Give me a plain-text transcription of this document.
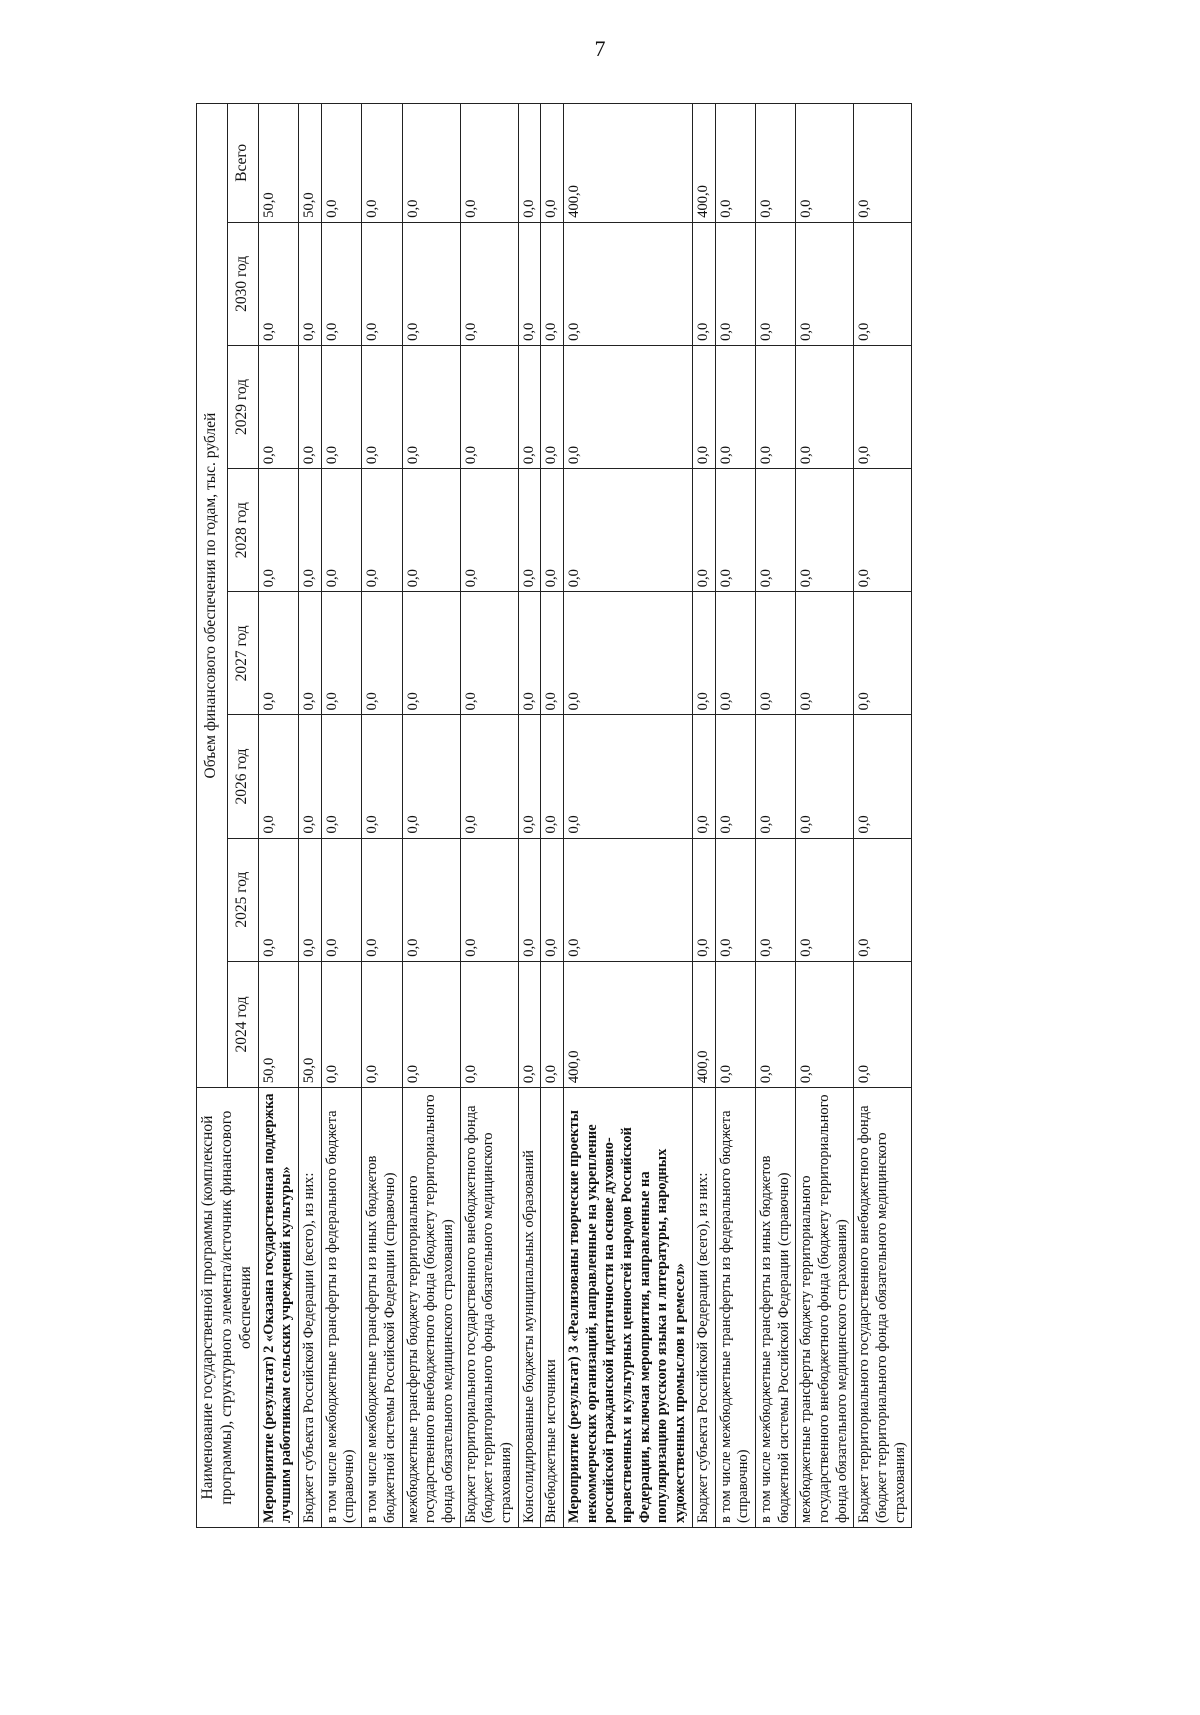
7
Наименование государственной программы (комплексной программы), структурного элемента/источник финансового обеспечения	Объем финансового обеспечения по годам, тыс. рублей							
	2024 год	2025 год	2026 год	2027 год	2028 год	2029 год	2030 год	Всего
Мероприятие (результат) 2 «Оказана государственная поддержка лучшим работникам сельских учреждений культуры»	50,0	0,0	0,0	0,0	0,0	0,0	0,0	50,0
Бюджет субъекта Российской Федерации (всего), из них:	50,0	0,0	0,0	0,0	0,0	0,0	0,0	50,0
в том числе межбюджетные трансферты из федерального бюджета (справочно)	0,0	0,0	0,0	0,0	0,0	0,0	0,0	0,0
в том числе межбюджетные трансферты из иных бюджетов бюджетной системы Российской Федерации (справочно)	0,0	0,0	0,0	0,0	0,0	0,0	0,0	0,0
межбюджетные трансферты бюджету территориального государственного внебюджетного фонда (бюджету территориального фонда обязательного медицинского страхования)	0,0	0,0	0,0	0,0	0,0	0,0	0,0	0,0
Бюджет территориального государственного внебюджетного фонда (бюджет территориального фонда обязательного медицинского страхования)	0,0	0,0	0,0	0,0	0,0	0,0	0,0	0,0
Консолидированные бюджеты муниципальных образований	0,0	0,0	0,0	0,0	0,0	0,0	0,0	0,0
Внебюджетные источники	0,0	0,0	0,0	0,0	0,0	0,0	0,0	0,0
Мероприятие (результат) 3 «Реализованы творческие проекты некоммерческих организаций, направленные на укрепление российской гражданской идентичности на основе духовно-нравственных и культурных ценностей народов Российской Федерации, включая мероприятия, направленные на популяризацию русского языка и литературы, народных художественных промыслов и ремесел»	400,0	0,0	0,0	0,0	0,0	0,0	0,0	400,0
Бюджет субъекта Российской Федерации (всего), из них:	400,0	0,0	0,0	0,0	0,0	0,0	0,0	400,0
в том числе межбюджетные трансферты из федерального бюджета (справочно)	0,0	0,0	0,0	0,0	0,0	0,0	0,0	0,0
в том числе межбюджетные трансферты из иных бюджетов бюджетной системы Российской Федерации (справочно)	0,0	0,0	0,0	0,0	0,0	0,0	0,0	0,0
межбюджетные трансферты бюджету территориального государственного внебюджетного фонда (бюджету территориального фонда обязательного медицинского страхования)	0,0	0,0	0,0	0,0	0,0	0,0	0,0	0,0
Бюджет территориального государственного внебюджетного фонда (бюджет территориального фонда обязательного медицинского страхования)	0,0	0,0	0,0	0,0	0,0	0,0	0,0	0,0
